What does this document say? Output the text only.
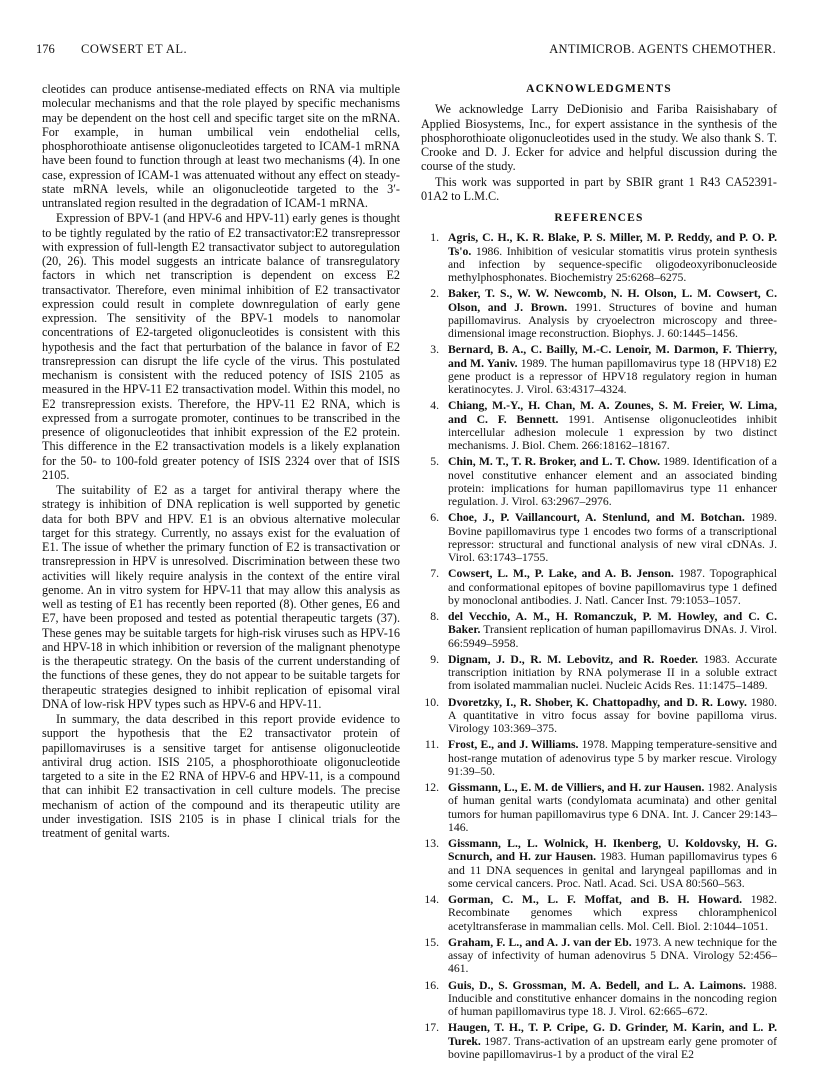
176 COWSERT ET AL.	ANTIMICROB. AGENTS CHEMOTHER.

cleotides can produce antisense-mediated effects on RNA via multiple molecular mechanisms and that the role played by specific mechanisms may be dependent on the host cell and specific target site on the mRNA. For example, in human umbilical vein endothelial cells, phosphorothioate antisense oligonucleotides targeted to ICAM-1 mRNA have been found to function through at least two mechanisms (4). In one case, expression of ICAM-1 was attenuated without any effect on steady-state mRNA levels, while an oligonucleotide targeted to the 3′-untranslated region resulted in the degradation of ICAM-1 mRNA.

Expression of BPV-1 (and HPV-6 and HPV-11) early genes is thought to be tightly regulated by the ratio of E2 transactivator:E2 transrepressor with expression of full-length E2 transactivator subject to autoregulation (20, 26). This model suggests an intricate balance of transregulatory factors in which net transcription is dependent on excess E2 transactivator. Therefore, even minimal inhibition of E2 transactivator expression could result in complete downregulation of early gene expression. The sensitivity of the BPV-1 models to nanomolar concentrations of E2-targeted oligonucleotides is consistent with this hypothesis and the fact that perturbation of the balance in favor of E2 transrepression can disrupt the life cycle of the virus. This postulated mechanism is consistent with the reduced potency of ISIS 2105 as measured in the HPV-11 E2 transactivation model. Within this model, no E2 transrepression exists. Therefore, the HPV-11 E2 RNA, which is expressed from a surrogate promoter, continues to be transcribed in the presence of oligonucleotides that inhibit expression of the E2 protein. This difference in the E2 transactivation models is a likely explanation for the 50- to 100-fold greater potency of ISIS 2324 over that of ISIS 2105.

The suitability of E2 as a target for antiviral therapy where the strategy is inhibition of DNA replication is well supported by genetic data for both BPV and HPV. E1 is an obvious alternative molecular target for this strategy. Currently, no assays exist for the evaluation of E1. The issue of whether the primary function of E2 is transactivation or transrepression in HPV is unresolved. Discrimination between these two activities will likely require analysis in the context of the entire viral genome. An in vitro system for HPV-11 that may allow this analysis as well as testing of E1 has recently been reported (8). Other genes, E6 and E7, have been proposed and tested as potential therapeutic targets (37). These genes may be suitable targets for high-risk viruses such as HPV-16 and HPV-18 in which inhibition or reversion of the malignant phenotype is the therapeutic strategy. On the basis of the current understanding of the functions of these genes, they do not appear to be suitable targets for therapeutic strategies designed to inhibit replication of episomal viral DNA of low-risk HPV types such as HPV-6 and HPV-11.

In summary, the data described in this report provide evidence to support the hypothesis that the E2 transactivator protein of papillomaviruses is a sensitive target for antisense oligonucleotide antiviral drug action. ISIS 2105, a phosphorothioate oligonucleotide targeted to a site in the E2 RNA of HPV-6 and HPV-11, is a compound that can inhibit E2 transactivation in cell culture models. The precise mechanism of action of the compound and its therapeutic utility are under investigation. ISIS 2105 is in phase I clinical trials for the treatment of genital warts.

ACKNOWLEDGMENTS

We acknowledge Larry DeDionisio and Fariba Raisishabary of Applied Biosystems, Inc., for expert assistance in the synthesis of the phosphorothioate oligonucleotides used in the study. We also thank S. T. Crooke and D. J. Ecker for advice and helpful discussion during the course of the study.

This work was supported in part by SBIR grant 1 R43 CA52391-01A2 to L.M.C.

REFERENCES
1. Agris, C. H., K. R. Blake, P. S. Miller, M. P. Reddy, and P. O. P. Ts'o. 1986. Inhibition of vesicular stomatitis virus protein synthesis and infection by sequence-specific oligodeoxyribonucleoside methylphosphonates. Biochemistry 25:6268–6275.
2. Baker, T. S., W. W. Newcomb, N. H. Olson, L. M. Cowsert, C. Olson, and J. Brown. 1991. Structures of bovine and human papillomavirus. Analysis by cryoelectron microscopy and three-dimensional image reconstruction. Biophys. J. 60:1445–1456.
3. Bernard, B. A., C. Bailly, M.-C. Lenoir, M. Darmon, F. Thierry, and M. Yaniv. 1989. The human papillomavirus type 18 (HPV18) E2 gene product is a repressor of HPV18 regulatory region in human keratinocytes. J. Virol. 63:4317–4324.
4. Chiang, M.-Y., H. Chan, M. A. Zounes, S. M. Freier, W. Lima, and C. F. Bennett. 1991. Antisense oligonucleotides inhibit intercellular adhesion molecule 1 expression by two distinct mechanisms. J. Biol. Chem. 266:18162–18167.
5. Chin, M. T., T. R. Broker, and L. T. Chow. 1989. Identification of a novel constitutive enhancer element and an associated binding protein: implications for human papillomavirus type 11 enhancer regulation. J. Virol. 63:2967–2976.
6. Choe, J., P. Vaillancourt, A. Stenlund, and M. Botchan. 1989. Bovine papillomavirus type 1 encodes two forms of a transcriptional repressor: structural and functional analysis of new viral cDNAs. J. Virol. 63:1743–1755.
7. Cowsert, L. M., P. Lake, and A. B. Jenson. 1987. Topographical and conformational epitopes of bovine papillomavirus type 1 defined by monoclonal antibodies. J. Natl. Cancer Inst. 79:1053–1057.
8. del Vecchio, A. M., H. Romanczuk, P. M. Howley, and C. C. Baker. Transient replication of human papillomavirus DNAs. J. Virol. 66:5949–5958.
9. Dignam, J. D., R. M. Lebovitz, and R. Roeder. 1983. Accurate transcription initiation by RNA polymerase II in a soluble extract from isolated mammalian nuclei. Nucleic Acids Res. 11:1475–1489.
10. Dvoretzky, I., R. Shober, K. Chattopadhy, and D. R. Lowy. 1980. A quantitative in vitro focus assay for bovine papilloma virus. Virology 103:369–375.
11. Frost, E., and J. Williams. 1978. Mapping temperature-sensitive and host-range mutation of adenovirus type 5 by marker rescue. Virology 91:39–50.
12. Gissmann, L., E. M. de Villiers, and H. zur Hausen. 1982. Analysis of human genital warts (condylomata acuminata) and other genital tumors for human papillomavirus type 6 DNA. Int. J. Cancer 29:143–146.
13. Gissmann, L., L. Wolnick, H. Ikenberg, U. Koldovsky, H. G. Scnurch, and H. zur Hausen. 1983. Human papillomavirus types 6 and 11 DNA sequences in genital and laryngeal papillomas and in some cervical cancers. Proc. Natl. Acad. Sci. USA 80:560–563.
14. Gorman, C. M., L. F. Moffat, and B. H. Howard. 1982. Recombinate genomes which express chloramphenicol acetyltransferase in mammalian cells. Mol. Cell. Biol. 2:1044–1051.
15. Graham, F. L., and A. J. van der Eb. 1973. A new technique for the assay of infectivity of human adenovirus 5 DNA. Virology 52:456–461.
16. Guis, D., S. Grossman, M. A. Bedell, and L. A. Laimons. 1988. Inducible and constitutive enhancer domains in the noncoding region of human papillomavirus type 18. J. Virol. 62:665–672.
17. Haugen, T. H., T. P. Cripe, G. D. Grinder, M. Karin, and L. P. Turek. 1987. Trans-activation of an upstream early gene promoter of bovine papillomavirus-1 by a product of the viral E2
